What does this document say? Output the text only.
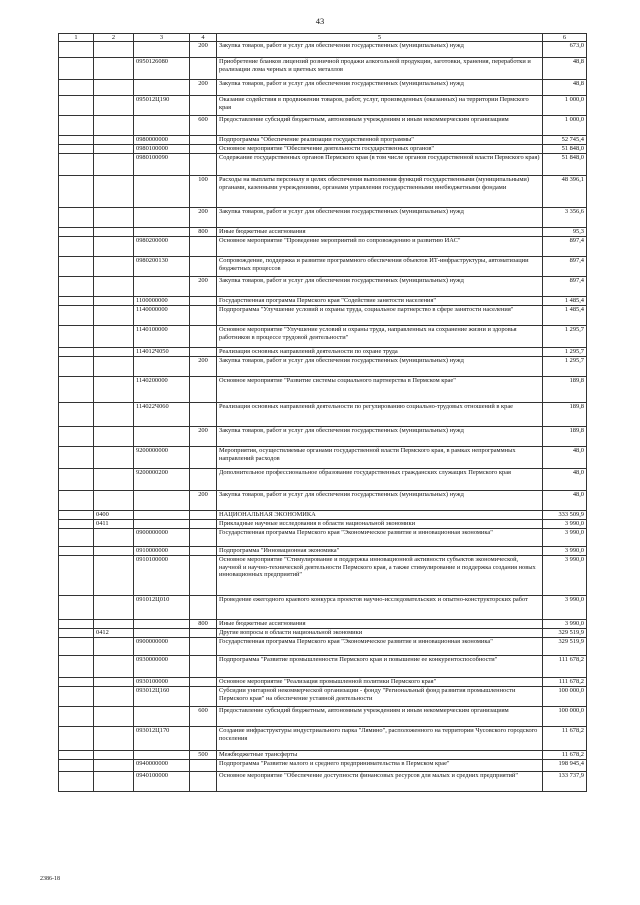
43
1	2	3	4	5	6
			200	Закупка товаров, работ и услуг для обеспечения государственных (муниципальных) нужд	673,0
		0950126080		Приобретение бланков лицензий розничной продажи алкогольной продукции, заготовки, хранения, переработки и реализации лома черных и цветных металлов	48,8
			200	Закупка товаров, работ и услуг для обеспечения государственных (муниципальных) нужд	48,8
		095012Ц190		Оказание содействия в продвижении товаров, работ, услуг, произведенных (оказанных) на территории Пермского края	1 000,0
			600	Предоставление субсидий бюджетным, автономным учреждениям и иным некоммерческим организациям	1 000,0
		0980000000		Подпрограмма "Обеспечение реализации государственной программы"	52 745,4
		0980100000		Основное мероприятие "Обеспечение деятельности государственных органов"	51 848,0
		0980100090		Содержание государственных органов Пермского края (в том числе органов государственной власти Пермского края)	51 848,0
			100	Расходы на выплаты персоналу в целях обеспечения выполнения функций государственными (муниципальными) органами, казенными учреждениями, органами управления государственными внебюджетными фондами	48 396,1
			200	Закупка товаров, работ и услуг для обеспечения государственных (муниципальных) нужд	3 356,6
			800	Иные бюджетные ассигнования	95,3
		0980200000		Основное мероприятие "Проведение мероприятий по сопровождению и развитию ИАС"	897,4
		0980200130		Сопровождение, поддержка и развитие программного обеспечения объектов ИТ-инфраструктуры, автоматизации бюджетных процессов	897,4
			200	Закупка товаров, работ и услуг для обеспечения государственных (муниципальных) нужд	897,4
		1100000000		Государственная программа Пермского края "Содействие занятости населения"	1 485,4
		1140000000		Подпрограмма "Улучшение условий и охраны труда, социальное партнерство в сфере занятости населения"	1 485,4
		1140100000		Основное мероприятие "Улучшение условий и охраны труда, направленных на сохранение жизни и здоровья работников в процессе трудовой деятельности"	1 295,7
		114012Ч050		Реализация основных направлений деятельности по охране труда	1 295,7
			200	Закупка товаров, работ и услуг для обеспечения государственных (муниципальных) нужд	1 295,7
		1140200000		Основное мероприятие "Развитие системы социального партнерства в Пермском крае"	189,8
		114022Ч060		Реализация основных направлений деятельности по регулированию социально-трудовых отношений в крае	189,8
			200	Закупка товаров, работ и услуг для обеспечения государственных (муниципальных) нужд	189,8
		9200000000		Мероприятия, осуществляемые органами государственной власти Пермского края, в рамках непрограммных направлений расходов	48,0
		9200000200		Дополнительное профессиональное образование государственных гражданских служащих Пермского края	48,0
			200	Закупка товаров, работ и услуг для обеспечения государственных (муниципальных) нужд	48,0
	0400			НАЦИОНАЛЬНАЯ ЭКОНОМИКА	333 509,9
	0411			Прикладные научные исследования в области национальной экономики	3 990,0
		0900000000		Государственная программа Пермского края "Экономическое развитие и инновационная экономика"	3 990,0
		0910000000		Подпрограмма "Инновационная экономика"	3 990,0
		0910100000		Основное мероприятие "Стимулирование и поддержка инновационной активности субъектов экономической, научной и научно-технической деятельности Пермского края, а также стимулирование и поддержка создания новых инновационных предприятий"	3 990,0
		091012Ц010		Проведение ежегодного краевого конкурса проектов научно-исследовательских и опытно-конструкторских работ	3 990,0
			800	Иные бюджетные ассигнования	3 990,0
	0412			Другие вопросы в области национальной экономики	329 519,9
		0900000000		Государственная программа Пермского края "Экономическое развитие и инновационная экономика"	329 519,9
		0930000000		Подпрограмма "Развитие промышленности Пермского края и повышение ее конкурентоспособности"	111 678,2
		0930100000		Основное мероприятие "Реализация промышленной политики Пермского края"	111 678,2
		093012Ц160		Субсидии унитарной некоммерческой организации - фонду "Региональный фонд развития промышленности Пермского края" на обеспечение уставной деятельности	100 000,0
			600	Предоставление субсидий бюджетным, автономным учреждениям и иным некоммерческим организациям	100 000,0
		093012Ц170		Создание инфраструктуры индустриального парка "Лямино", расположенного на территории Чусовского городского поселения	11 678,2
			500	Межбюджетные трансферты	11 678,2
		0940000000		Подпрограмма "Развитие малого и среднего предпринимательства в Пермском крае"	198 945,4
		0940100000		Основное мероприятие "Обеспечение доступности финансовых ресурсов для малых и средних предприятий"	133 737,9
2386-18
